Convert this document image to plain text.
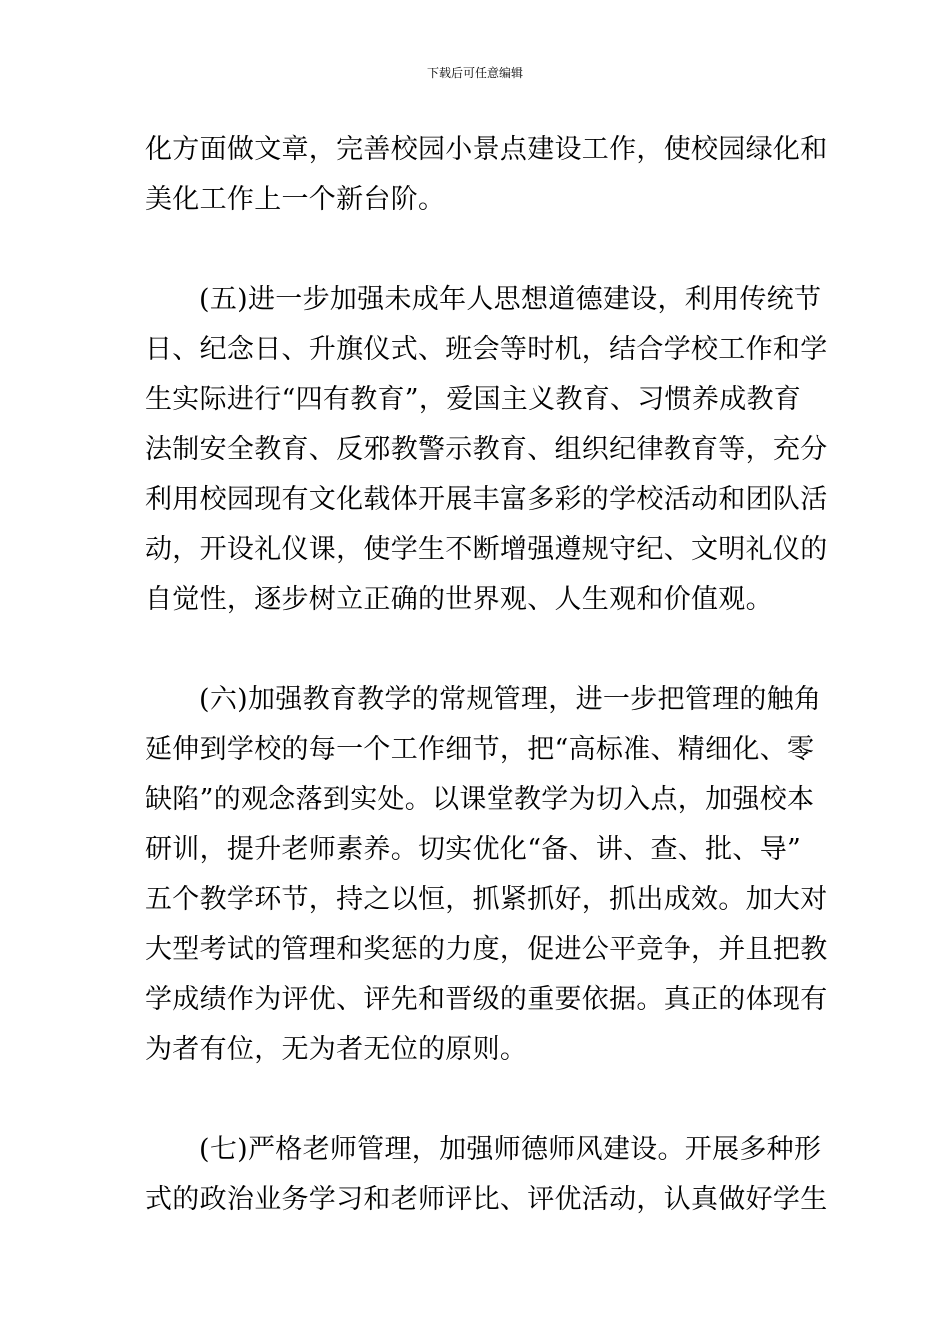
下载后可任意编辑
化方面做文章，完善校园小景点建设工作，使校园绿化和
美化工作上一个新台阶。
(五)进一步加强未成年人思想道德建设，利用传统节
日、纪念日、升旗仪式、班会等时机，结合学校工作和学
生实际进行“四有教育”，爱国主义教育、习惯养成教育
法制安全教育、反邪教警示教育、组织纪律教育等，充分
利用校园现有文化载体开展丰富多彩的学校活动和团队活
动，开设礼仪课，使学生不断增强遵规守纪、文明礼仪的
自觉性，逐步树立正确的世界观、人生观和价值观。
(六)加强教育教学的常规管理，进一步把管理的触角
延伸到学校的每一个工作细节，把“高标准、精细化、零
缺陷”的观念落到实处。以课堂教学为切入点，加强校本
研训，提升老师素养。切实优化“备、讲、查、批、导”
五个教学环节，持之以恒，抓紧抓好，抓出成效。加大对
大型考试的管理和奖惩的力度，促进公平竞争，并且把教
学成绩作为评优、评先和晋级的重要依据。真正的体现有
为者有位，无为者无位的原则。
(七)严格老师管理，加强师德师风建设。开展多种形
式的政治业务学习和老师评比、评优活动，认真做好学生
